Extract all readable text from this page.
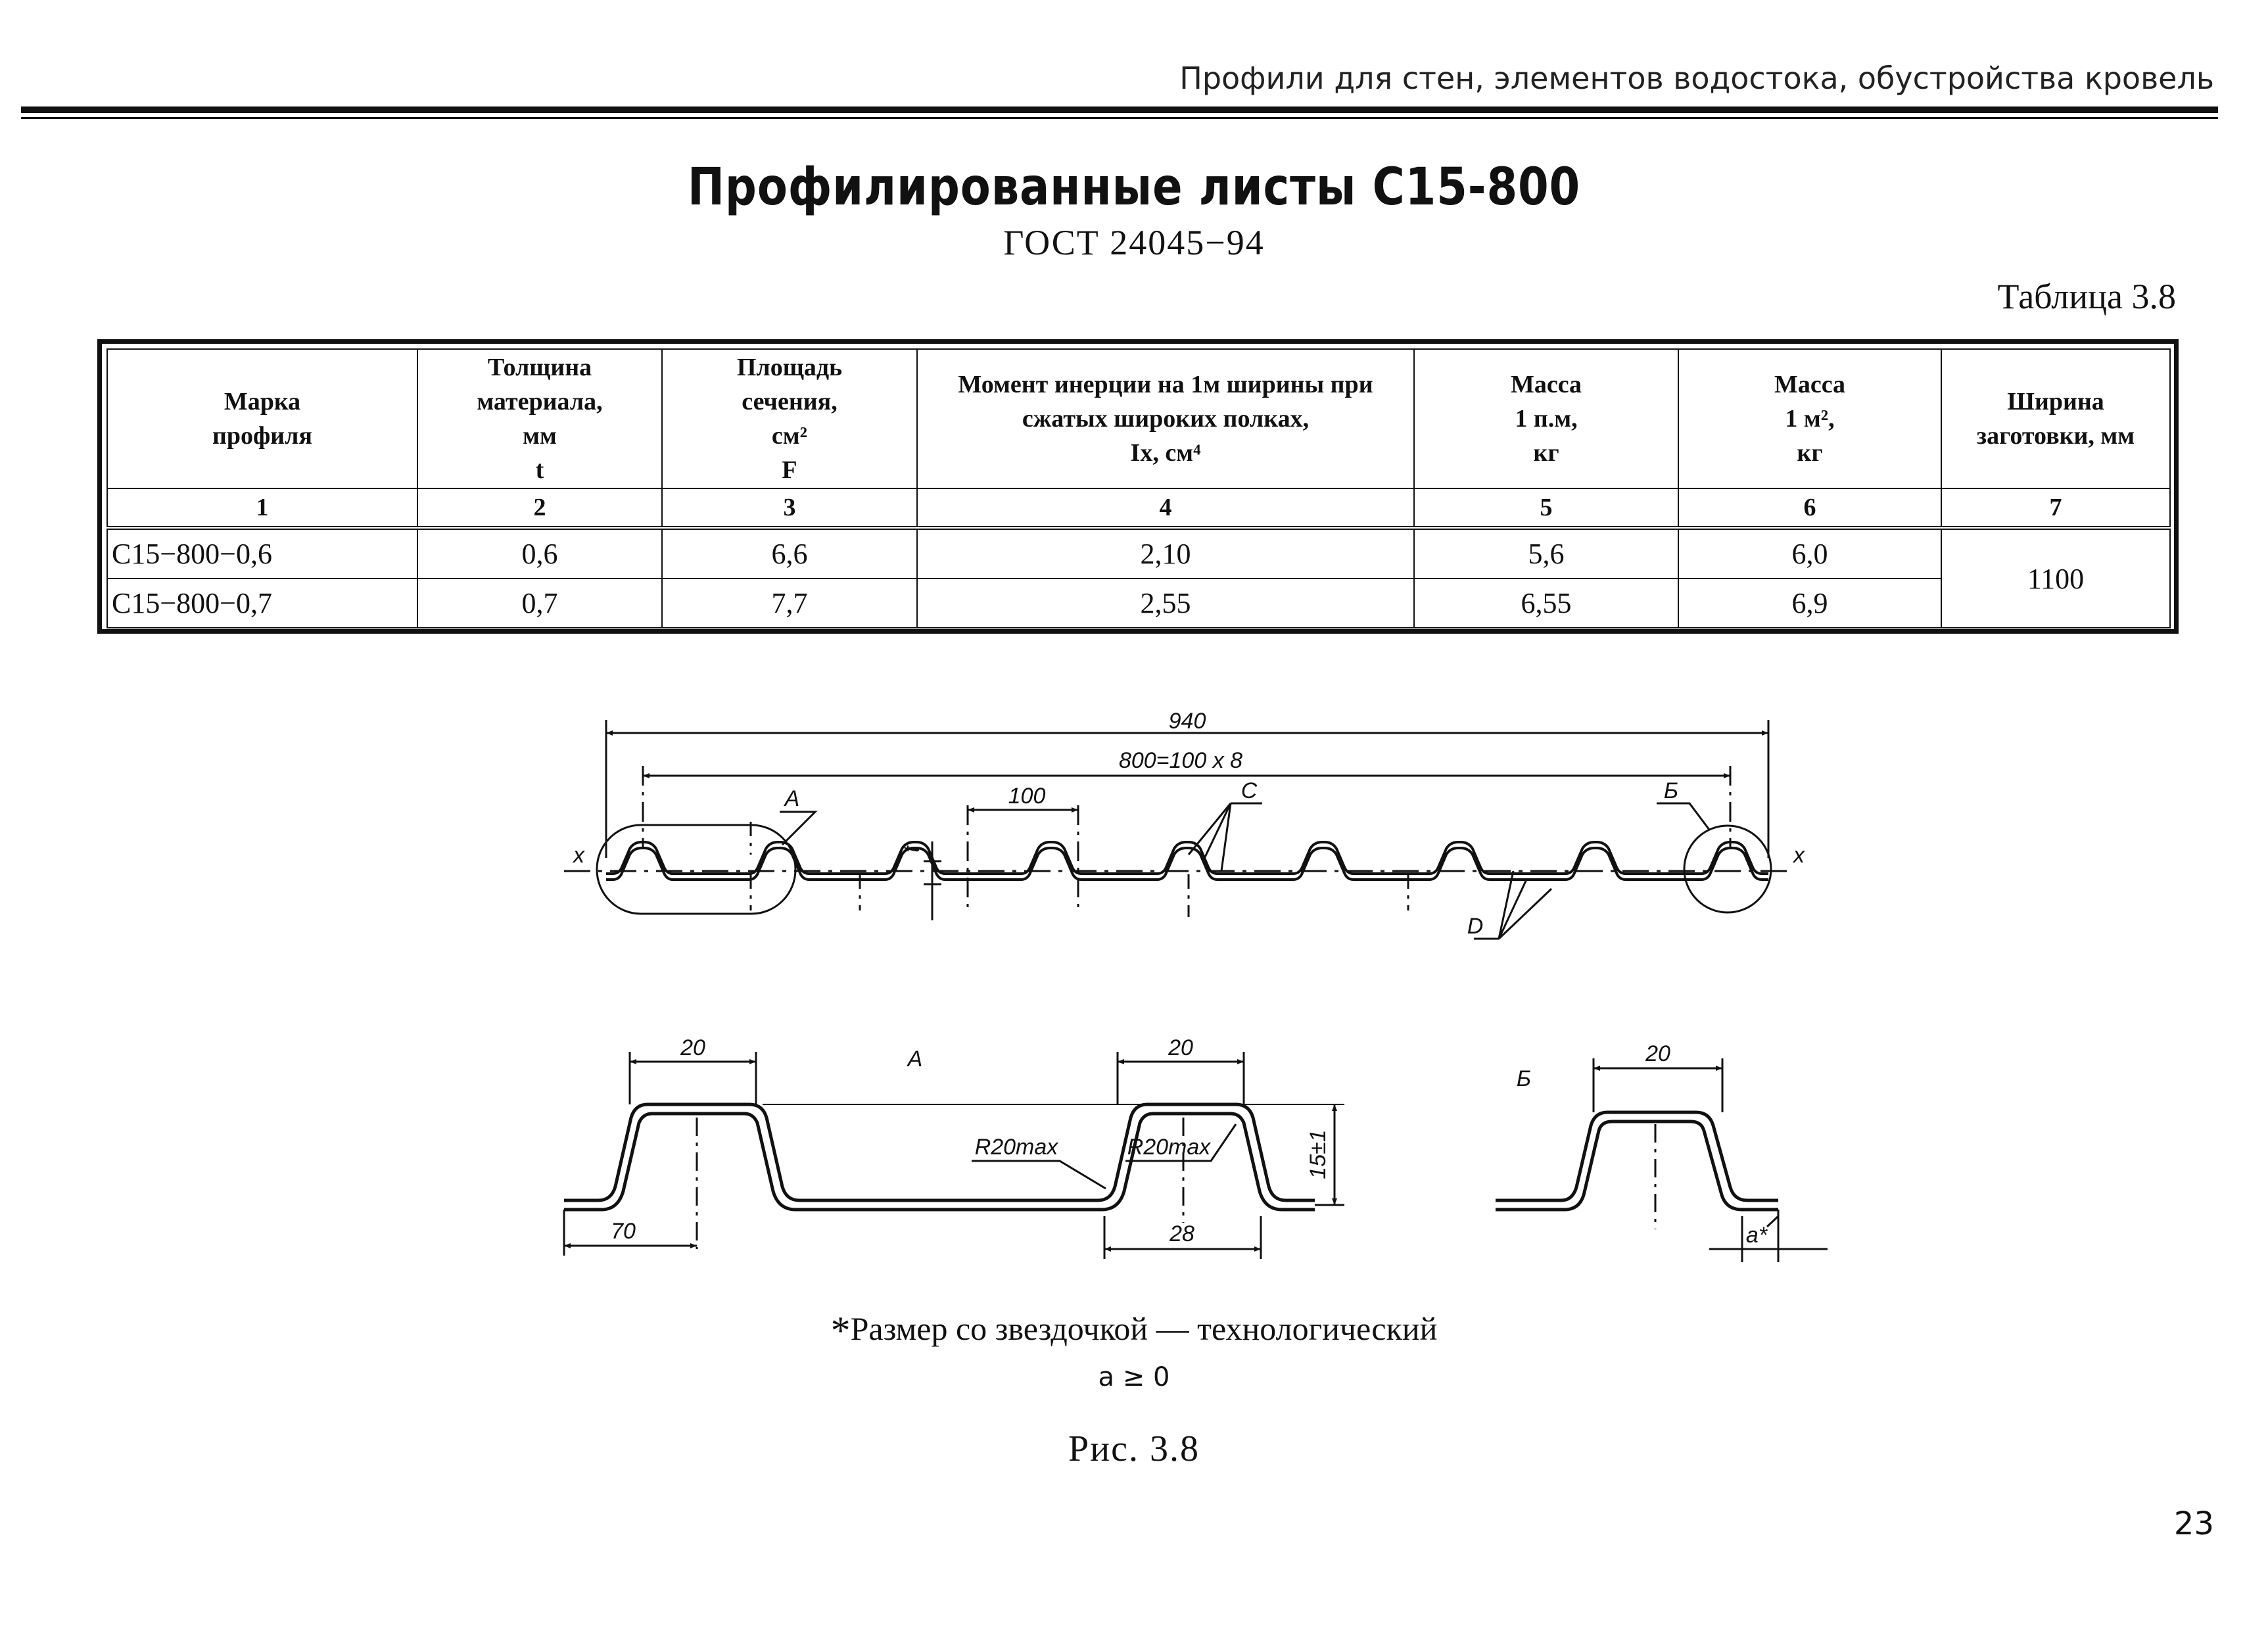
Профили для стен, элементов водостока, обустройства кровель
Профилированные листы С15-800
ГОСТ 24045−94
Таблица 3.8
Марка
профиля	Толщина
материала,
мм
t	Площадь
сечения,
см²
F	Момент инерции на 1м ширины при
сжатых широких полках,
Ix, см⁴	Масса
1 п.м,
кг	Масса
1 м²,
кг	Ширина
заготовки, мм
1	2	3	4	5	6	7
С15−800−0,6	0,6	6,6	2,10	5,6	6,0	1100
С15−800−0,7	0,7	7,7	2,55	6,55	6,9	
940
800=100 x 8
100
t
x	x
А	Б
C
D
А
20	20
R20max	R20max	15±1
70	28
Б
20
a*
*Размер со звездочкой — технологический
a ≥ 0
Рис. 3.8
23
